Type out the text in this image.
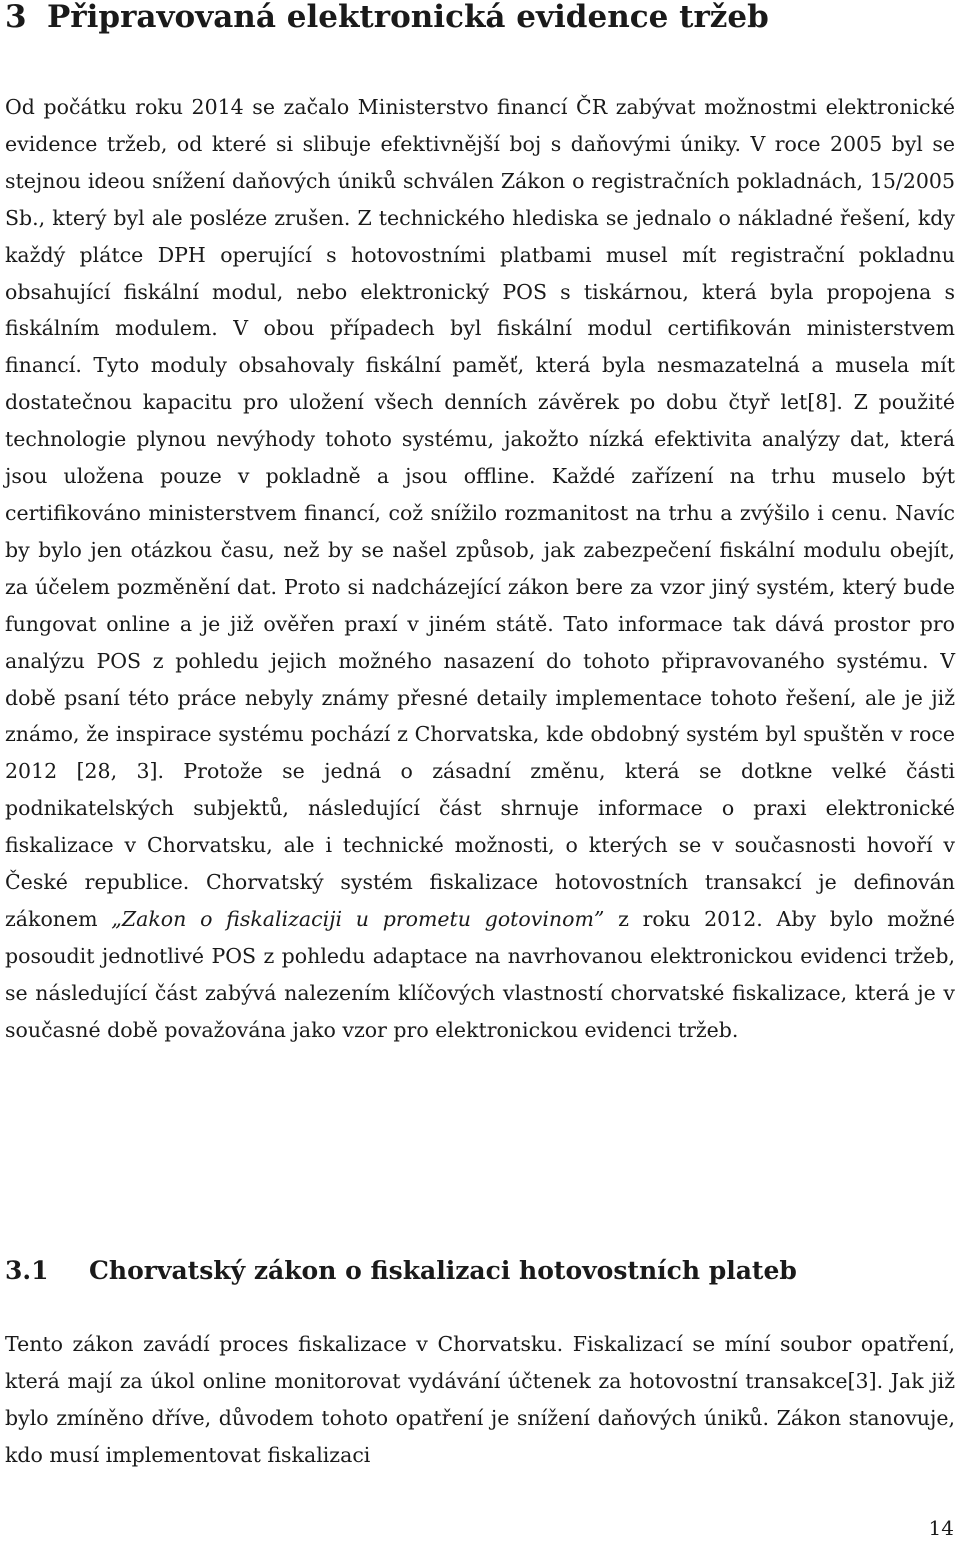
3 Připravovaná elektronická evidence tržeb

Od počátku roku 2014 se začalo Ministerstvo financí ČR zabývat možnostmi elektronické evidence tržeb, od které si slibuje efektivnější boj s daňovými úniky. V roce 2005 byl se stejnou ideou snížení daňových úniků schválen Zákon o registračních pokladnách, 15/2005 Sb., který byl ale posléze zrušen. Z technického hlediska se jednalo o nákladné řešení, kdy každý plátce DPH operující s hotovostními platbami musel mít registrační pokladnu obsahující fiskální modul, nebo elektronický POS s tiskárnou, která byla propojena s fiskálním modulem. V obou případech byl fiskální modul certifikován ministerstvem financí. Tyto moduly obsahovaly fiskální paměť, která byla nesmazatelná a musela mít dostatečnou kapacitu pro uložení všech denních závěrek po dobu čtyř let[8]. Z použité technologie plynou nevýhody tohoto systému, jakožto nízká efektivita analýzy dat, která jsou uložena pouze v pokladně a jsou offline. Každé zařízení na trhu muselo být certifikováno ministerstvem financí, což snížilo rozmanitost na trhu a zvýšilo i cenu. Navíc by bylo jen otázkou času, než by se našel způsob, jak zabezpečení fiskální modulu obejít, za účelem pozměnění dat. Proto si nadcházející zákon bere za vzor jiný systém, který bude fungovat online a je již ověřen praxí v jiném státě. Tato informace tak dává prostor pro analýzu POS z pohledu jejich možného nasazení do tohoto připravovaného systému. V době psaní této práce nebyly známy přesné detaily implementace tohoto řešení, ale je již známo, že inspirace systému pochází z Chorvatska, kde obdobný systém byl spuštěn v roce 2012 [28, 3]. Protože se jedná o zásadní změnu, která se dotkne velké části podnikatelských subjektů, následující část shrnuje informace o praxi elektronické fiskalizace v Chorvatsku, ale i technické možnosti, o kterých se v současnosti hovoří v České republice. Chorvatský systém fiskalizace hotovostních transakcí je definován zákonem „Zakon o fiskalizaciji u prometu gotovinom” z roku 2012. Aby bylo možné posoudit jednotlivé POS z pohledu adaptace na navrhovanou elektronickou evidenci tržeb, se následující část zabývá nalezením klíčových vlastností chorvatské fiskalizace, která je v současné době považována jako vzor pro elektronickou evidenci tržeb.

3.1 Chorvatský zákon o fiskalizaci hotovostních plateb

Tento zákon zavádí proces fiskalizace v Chorvatsku. Fiskalizací se míní soubor opatření, která mají za úkol online monitorovat vydávání účtenek za hotovostní transakce[3]. Jak již bylo zmíněno dříve, důvodem tohoto opatření je snížení daňových úniků. Zákon stanovuje, kdo musí implementovat fiskalizaci

14
